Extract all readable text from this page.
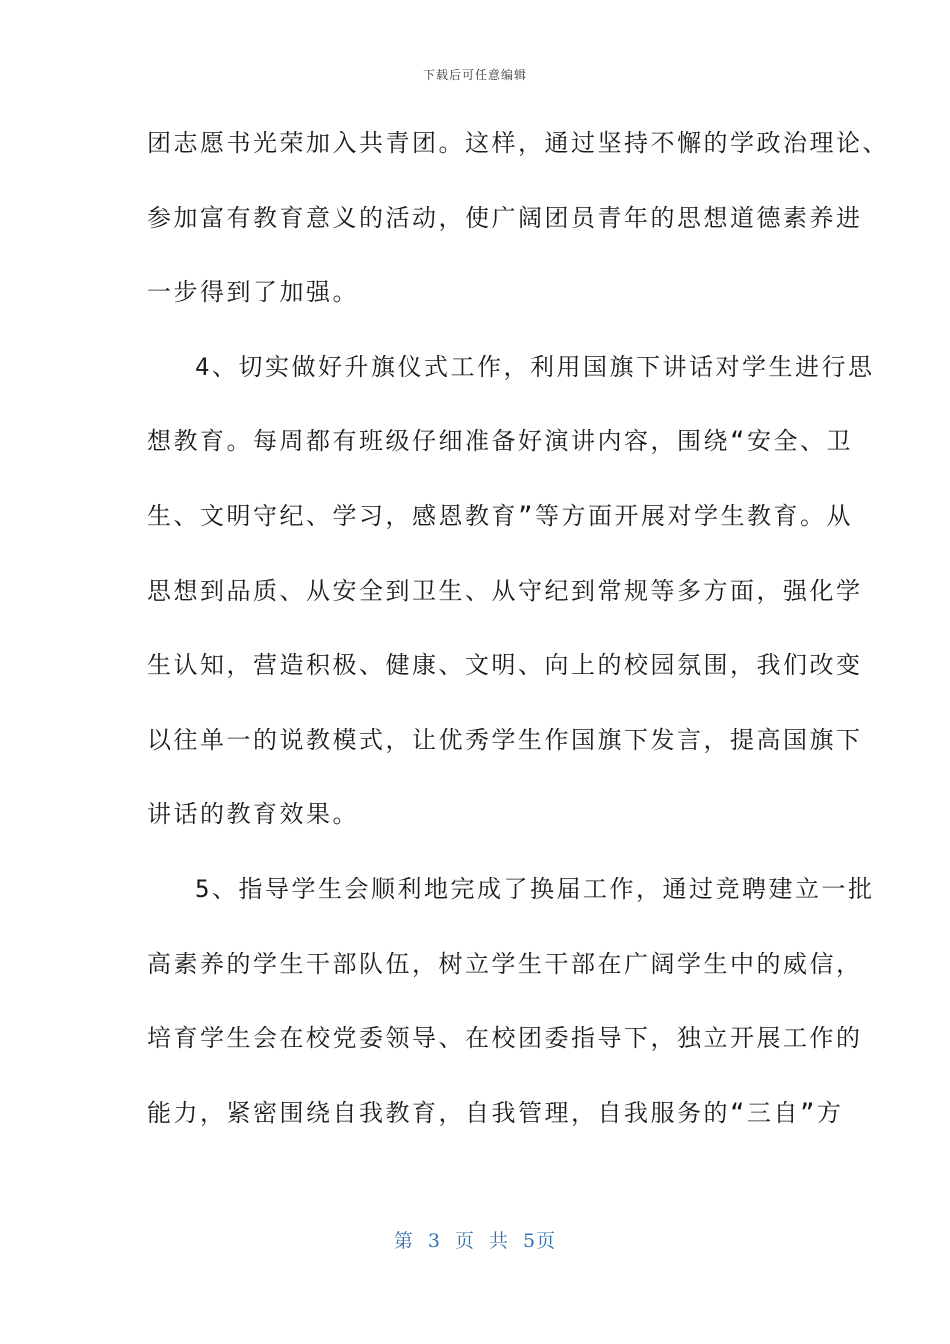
下载后可任意编辑
团志愿书光荣加入共青团。这样，通过坚持不懈的学政治理论、
参加富有教育意义的活动，使广阔团员青年的思想道德素养进
一步得到了加强。
4、切实做好升旗仪式工作，利用国旗下讲话对学生进行思
想教育。每周都有班级仔细准备好演讲内容，围绕“安全、卫
生、文明守纪、学习，感恩教育”等方面开展对学生教育。从
思想到品质、从安全到卫生、从守纪到常规等多方面，强化学
生认知，营造积极、健康、文明、向上的校园氛围，我们改变
以往单一的说教模式，让优秀学生作国旗下发言，提高国旗下
讲话的教育效果。
5、指导学生会顺利地完成了换届工作，通过竞聘建立一批
高素养的学生干部队伍，树立学生干部在广阔学生中的威信，
培育学生会在校党委领导、在校团委指导下，独立开展工作的
能力，紧密围绕自我教育，自我管理，自我服务的“三自”方
第 3 页 共 5页
